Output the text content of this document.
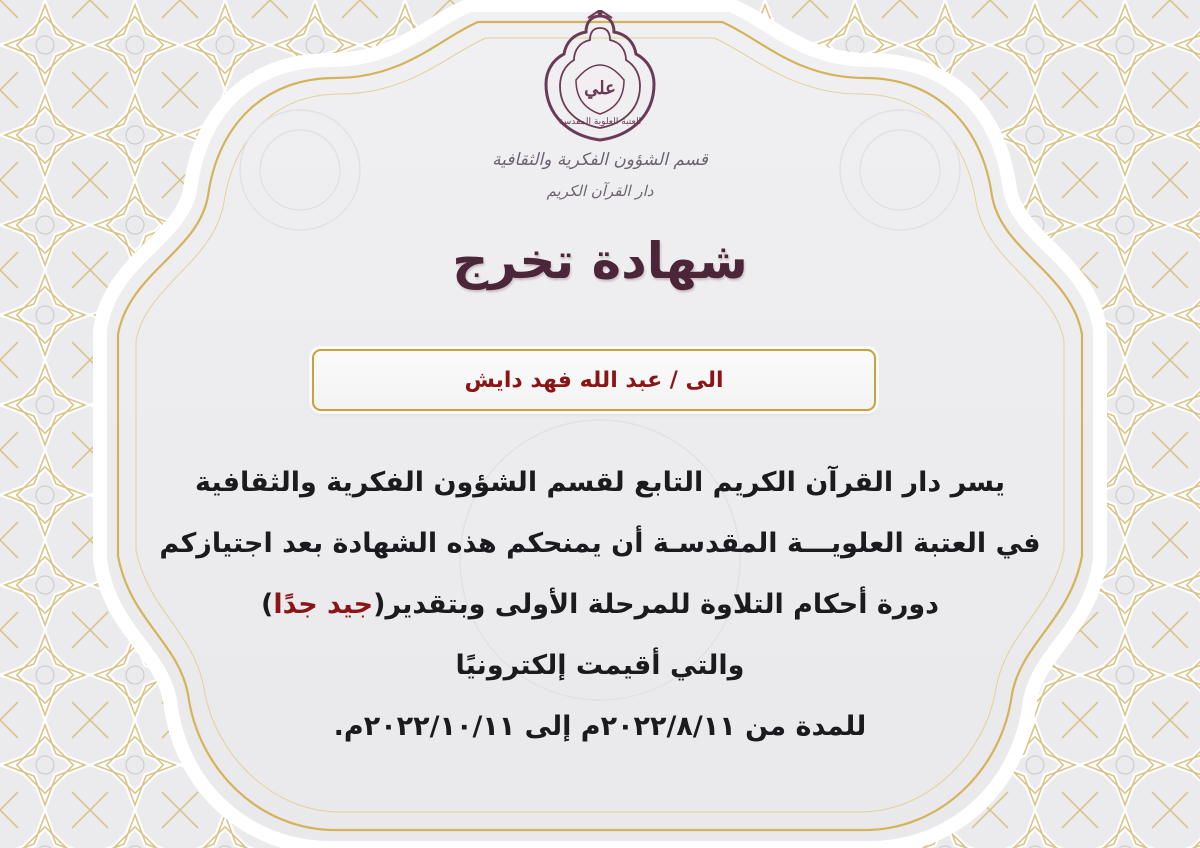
علي
العتبة العلوية المقدسة
قسم الشؤون الفكرية والثقافية
دار القرآن الكريم
شهادة تخرج
الى / عبد الله فهد دايش
يسر دار القرآن الكريم التابع لقسم الشؤون الفكرية والثقافية
في العتبة العلويـــة المقدسـة أن يمنحكم هذه الشهادة بعد اجتيازكم
دورة أحكام التلاوة للمرحلة الأولى وبتقدير(جيد جدًا)
والتي أقيمت إلكترونيًا
للمدة من ٢٠٢٢/٨/١١م إلى ٢٠٢٢/١٠/١١م.
